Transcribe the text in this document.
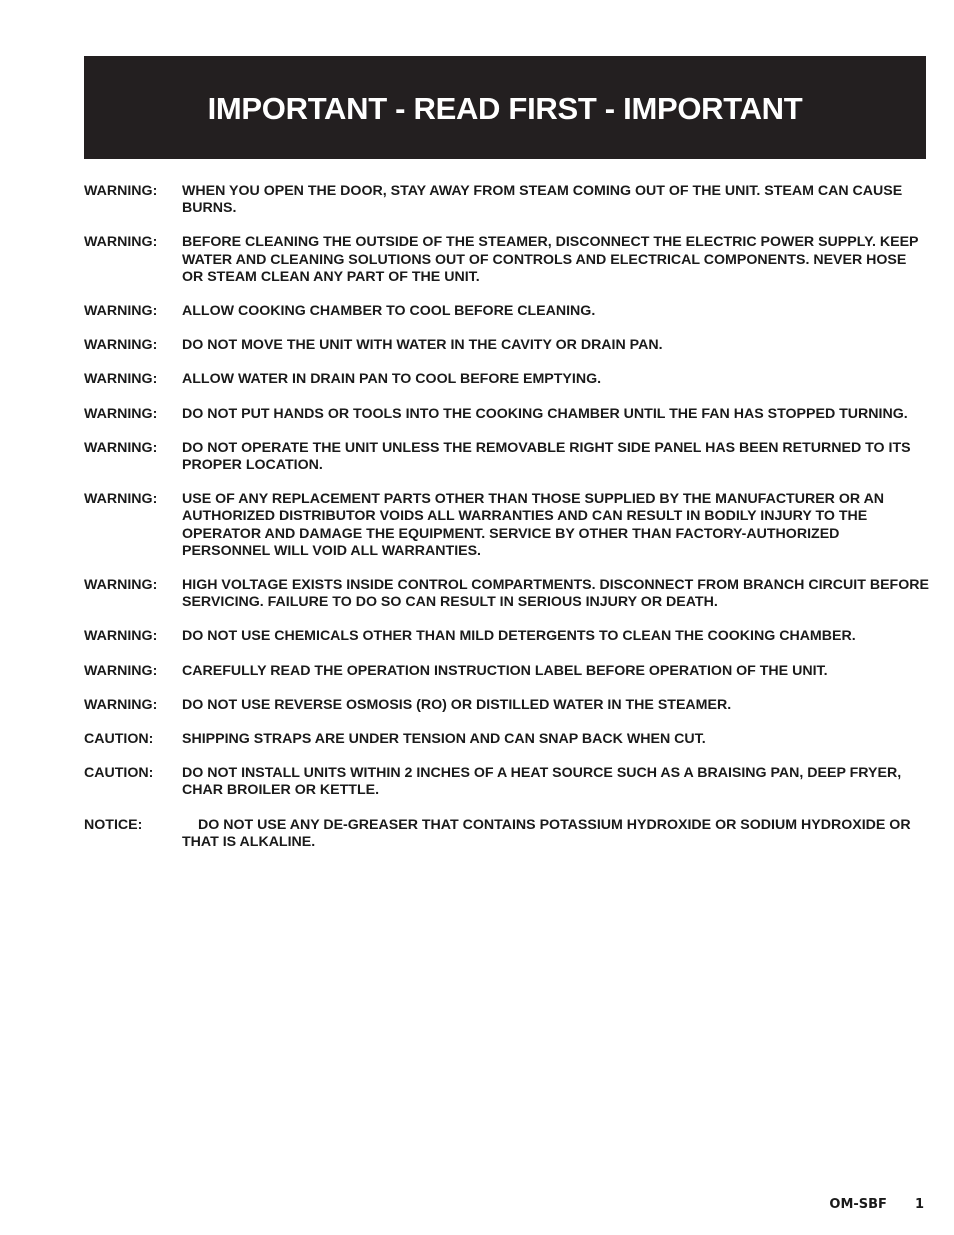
IMPORTANT - READ FIRST - IMPORTANT
WARNING:	WHEN YOU OPEN THE DOOR, STAY AWAY FROM STEAM COMING OUT OF THE UNIT. STEAM CAN CAUSE BURNS.
WARNING:	BEFORE CLEANING THE OUTSIDE OF THE STEAMER, DISCONNECT THE ELECTRIC POWER SUPPLY. KEEP WATER AND CLEANING SOLUTIONS OUT OF CONTROLS AND ELECTRICAL COMPONENTS. NEVER HOSE OR STEAM CLEAN ANY PART OF THE UNIT.
WARNING:	ALLOW COOKING CHAMBER TO COOL BEFORE CLEANING.
WARNING:	DO NOT MOVE THE UNIT WITH WATER IN THE CAVITY OR DRAIN PAN.
WARNING:	ALLOW WATER IN DRAIN PAN TO COOL BEFORE EMPTYING.
WARNING:	DO NOT PUT HANDS OR TOOLS INTO THE COOKING CHAMBER UNTIL THE FAN HAS STOPPED TURNING.
WARNING:	DO NOT OPERATE THE UNIT UNLESS THE REMOVABLE RIGHT SIDE PANEL HAS BEEN RETURNED TO ITS PROPER LOCATION.
WARNING:	USE OF ANY REPLACEMENT PARTS OTHER THAN THOSE SUPPLIED BY THE MANUFACTURER OR AN AUTHORIZED DISTRIBUTOR VOIDS ALL WARRANTIES AND CAN RESULT IN BODILY INJURY TO THE OPERATOR AND DAMAGE THE EQUIPMENT. SERVICE BY OTHER THAN FACTORY-AUTHORIZED PERSONNEL WILL VOID ALL WARRANTIES.
WARNING:	HIGH VOLTAGE EXISTS INSIDE CONTROL COMPARTMENTS. DISCONNECT FROM BRANCH CIRCUIT BEFORE SERVICING. FAILURE TO DO SO CAN RESULT IN SERIOUS INJURY OR DEATH.
WARNING:	DO NOT USE CHEMICALS OTHER THAN MILD DETERGENTS TO CLEAN THE COOKING CHAMBER.
WARNING:	CAREFULLY READ THE OPERATION INSTRUCTION LABEL BEFORE OPERATION OF THE UNIT.
WARNING:	DO NOT USE REVERSE OSMOSIS (RO) OR DISTILLED WATER IN THE STEAMER.
CAUTION:	SHIPPING STRAPS ARE UNDER TENSION AND CAN SNAP BACK WHEN CUT.
CAUTION:	DO NOT INSTALL UNITS WITHIN 2 INCHES OF A HEAT SOURCE SUCH AS A BRAISING PAN, DEEP FRYER, CHAR BROILER OR KETTLE.
NOTICE:	DO NOT USE ANY DE-GREASER THAT CONTAINS POTASSIUM HYDROXIDE OR SODIUM HYDROXIDE OR THAT IS ALKALINE.
OM-SBF 1
